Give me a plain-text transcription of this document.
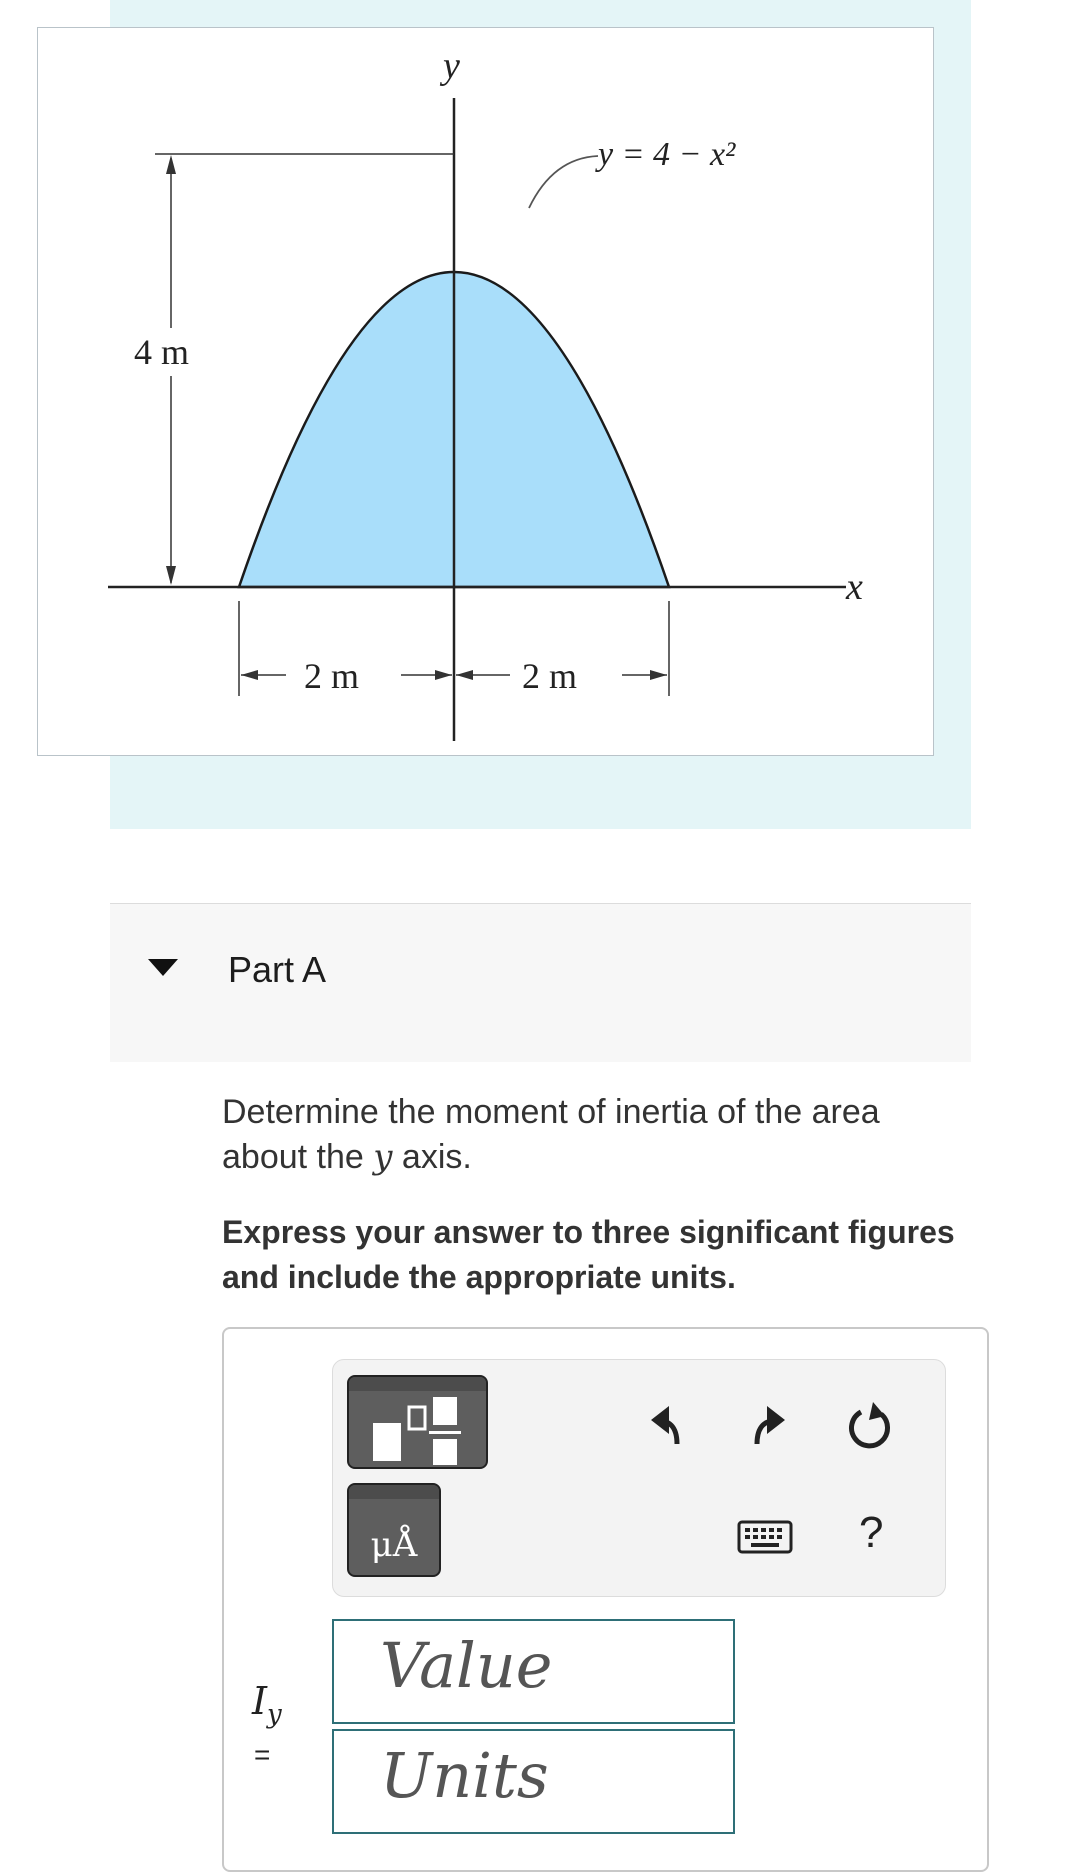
x
y
y = 4 − x²
4 m
2 m	2 m
Part A
Determine the moment of inertia of the area about the y axis.
Express your answer to three significant figures and include the appropriate units.
μÅ	?
$I_y$
=
Value
Units
